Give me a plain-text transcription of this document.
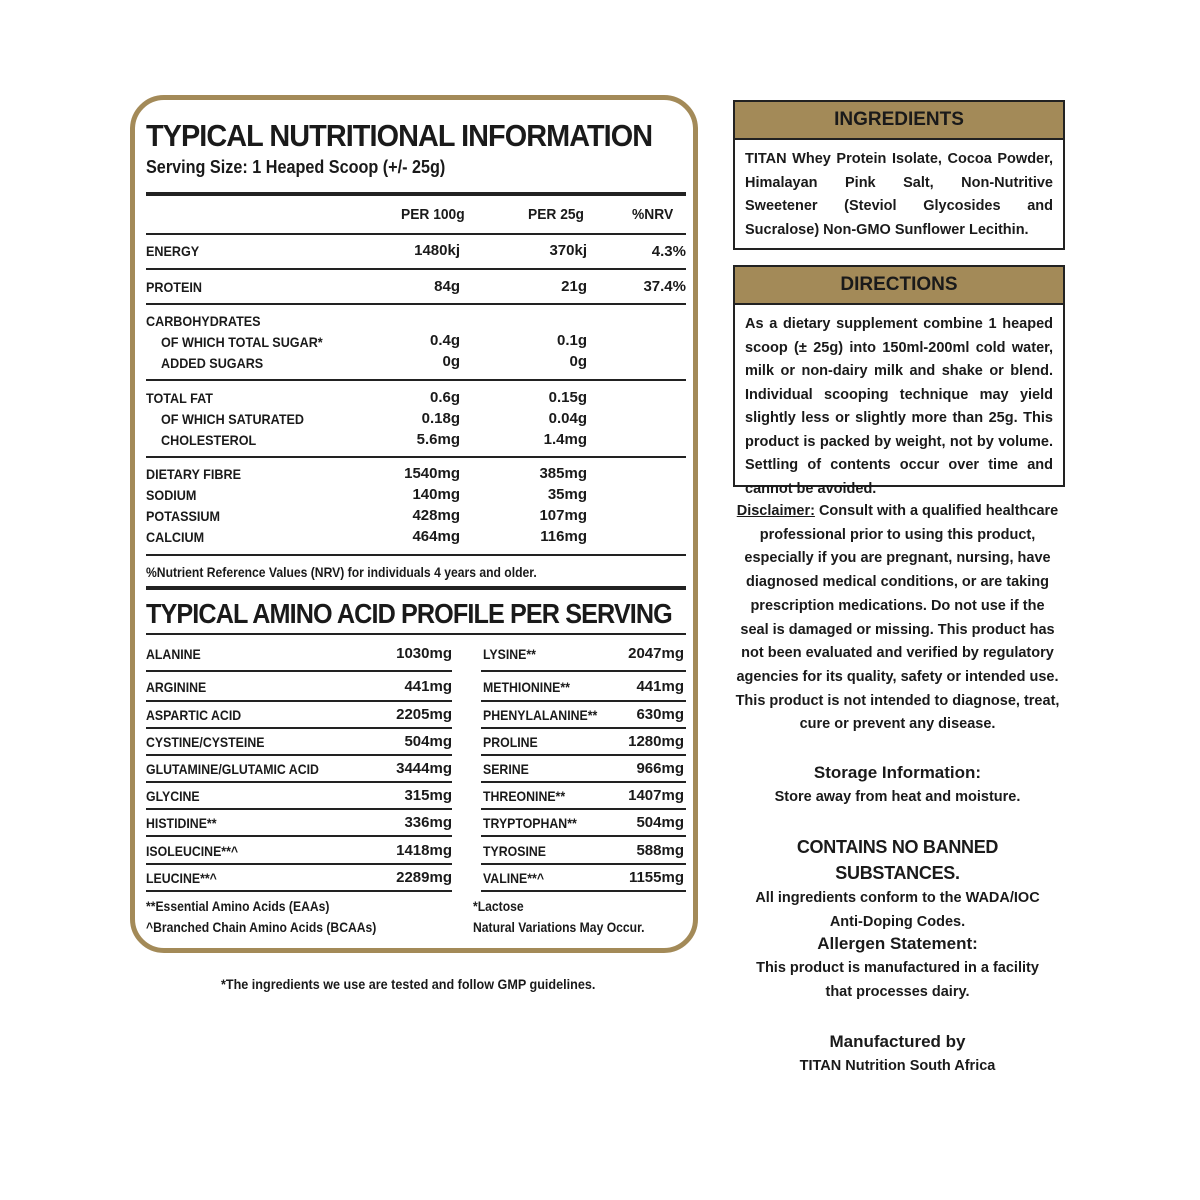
TYPICAL NUTRITIONAL INFORMATION
Serving Size: 1 Heaped Scoop (+/- 25g)
PER 100g	PER 25g	%NRV
ENERGY	1480kj	370kj	4.3%
PROTEIN	84g	21g	37.4%
CARBOHYDRATES
OF WHICH TOTAL SUGAR*	0.4g	0.1g
ADDED SUGARS	0g	0g
TOTAL FAT	0.6g	0.15g
OF WHICH SATURATED	0.18g	0.04g
CHOLESTEROL	5.6mg	1.4mg
DIETARY FIBRE	1540mg	385mg
SODIUM	140mg	35mg
POTASSIUM	428mg	107mg
CALCIUM	464mg	116mg
%Nutrient Reference Values (NRV) for individuals 4 years and older.
TYPICAL AMINO ACID PROFILE PER SERVING
ALANINE	1030mg
ARGININE	441mg
ASPARTIC ACID	2205mg
CYSTINE/CYSTEINE	504mg
GLUTAMINE/GLUTAMIC ACID	3444mg
GLYCINE	315mg
HISTIDINE**	336mg
ISOLEUCINE**^	1418mg
LEUCINE**^	2289mg
LYSINE**	2047mg
METHIONINE**	441mg
PHENYLALANINE**	630mg
PROLINE	1280mg
SERINE	966mg
THREONINE**	1407mg
TRYPTOPHAN**	504mg
TYROSINE	588mg
VALINE**^	1155mg
**Essential Amino Acids (EAAs)
^Branched Chain Amino Acids (BCAAs)
*Lactose
Natural Variations May Occur.
*The ingredients we use are tested and follow GMP guidelines.
INGREDIENTS
TITAN Whey Protein Isolate, Cocoa Powder, Himalayan Pink Salt, Non-Nutritive Sweetener (Steviol Glycosides and Sucralose) Non-GMO Sunflower Lecithin.
DIRECTIONS
As a dietary supplement combine 1 heaped scoop (± 25g) into 150ml-200ml cold water, milk or non-dairy milk and shake or blend. Individual scooping technique may yield slightly less or slightly more than 25g. This product is packed by weight, not by volume. Settling of contents occur over time and cannot be avoided.
Disclaimer: Consult with a qualified healthcare professional prior to using this product, especially if you are pregnant, nursing, have diagnosed medical conditions, or are taking prescription medications. Do not use if the seal is damaged or missing. This product has not been evaluated and verified by regulatory agencies for its quality, safety or intended use. This product is not intended to diagnose, treat, cure or prevent any disease.
Storage Information:
Store away from heat and moisture.
CONTAINS NO BANNED SUBSTANCES.
All ingredients conform to the WADA/IOC
Anti-Doping Codes.
Allergen Statement:
This product is manufactured in a facility
that processes dairy.
Manufactured by
TITAN Nutrition South Africa
